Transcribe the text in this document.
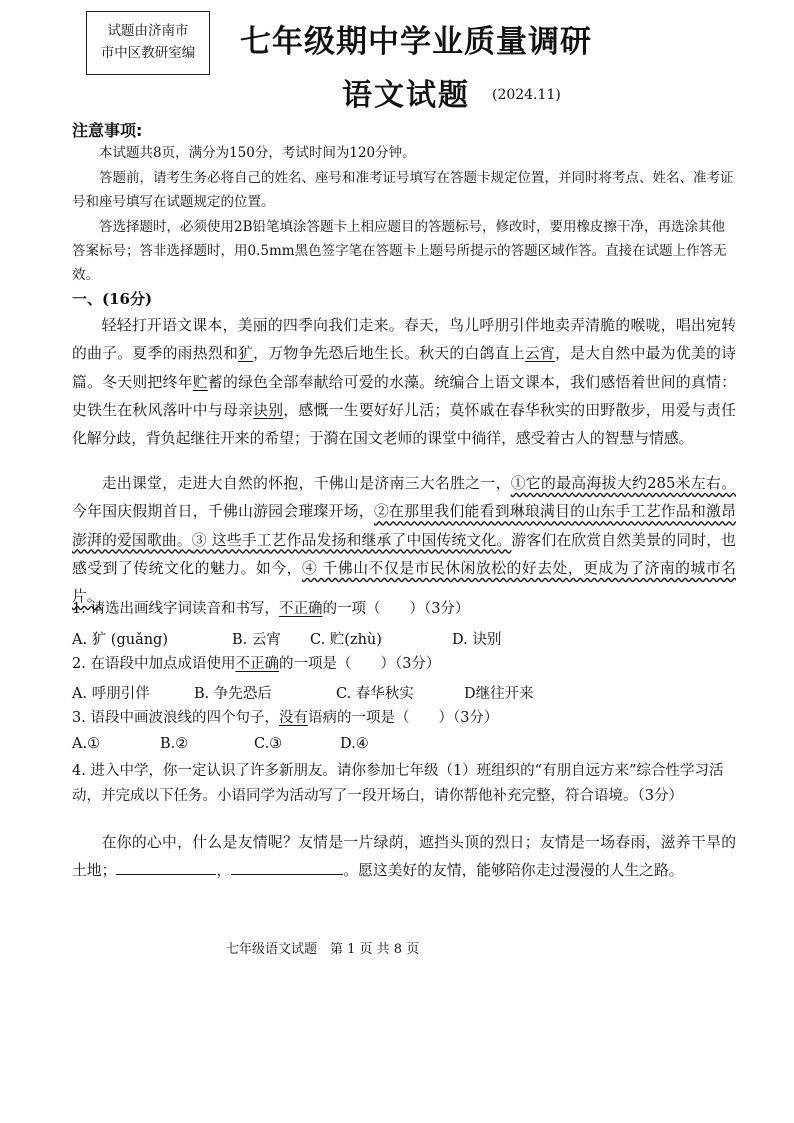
试题由济南市
市中区教研室编	七年级期中学业质量调研
语文试题 (2024.11)
注意事项:
本试题共8页，满分为150分，考试时间为120分钟。
答题前，请考生务必将自己的姓名、座号和准考证号填写在答题卡规定位置，并同时将考点、姓名、准考证号和座号填写在试题规定的位置。
答选择题时，必须使用2B铅笔填涂答题卡上相应题目的答题标号，修改时，要用橡皮擦干净，再选涂其他答案标号；答非选择题时，用0.5mm黑色签字笔在答题卡上题号所提示的答题区域作答。直接在试题上作答无效。
一、(16分)
轻轻打开语文课本，美丽的四季向我们走来。春天，鸟儿呼朋引伴地卖弄清脆的喉咙，唱出宛转的曲子。夏季的雨热烈和犷，万物争先恐后地生长。秋天的白鸽直上云宵，是大自然中最为优美的诗篇。冬天则把终年贮蓄的绿色全部奉献给可爱的水藻。统编合上语文课本，我们感悟着世间的真情：史铁生在秋风落叶中与母亲诀别，感慨一生要好好儿活；莫怀戚在春华秋实的田野散步，用爱与责任化解分歧，背负起继往开来的希望；于漪在国文老师的课堂中徜徉，感受着古人的智慧与情感。
走出课堂，走进大自然的怀抱，千佛山是济南三大名胜之一，①它的最高海拔大约285米左右。今年国庆假期首日，千佛山游园会璀璨开场，②在那里我们能看到琳琅满目的山东手工艺作品和激昂澎湃的爱国歌曲。③ 这些手工艺作品发扬和继承了中国传统文化。游客们在欣赏自然美景的同时，也感受到了传统文化的魅力。如今，④ 千佛山不仅是市民休闲放松的好去处，更成为了济南的城市名片。
1. 请选出画线字词读音和书写，不正确的一项（　　）（3分）
A. 犷 (guǎng)	B. 云宵 C. 贮(zhù)	D. 诀别
2. 在语段中加点成语使用不正确的一项是（　　）（3分）
A. 呼朋引伴	B. 争先恐后	C. 春华秋实	D继往开来
3. 语段中画波浪线的四个句子，没有语病的一项是（　　）（3分）
A.①	B.②	C.③	D.④
4. 进入中学，你一定认识了许多新朋友。请你参加七年级（1）班组织的“有朋自远方来”综合性学习活动，并完成以下任务。小语同学为活动写了一段开场白，请你帮他补充完整，符合语境。（3分）
在你的心中，什么是友情呢？友情是一片绿荫，遮挡头顶的烈日；友情是一场春雨，滋养干旱的土地；	，	。愿这美好的友情，能够陪你走过漫漫的人生之路。
七年级语文试题　第 1 页 共 8 页
